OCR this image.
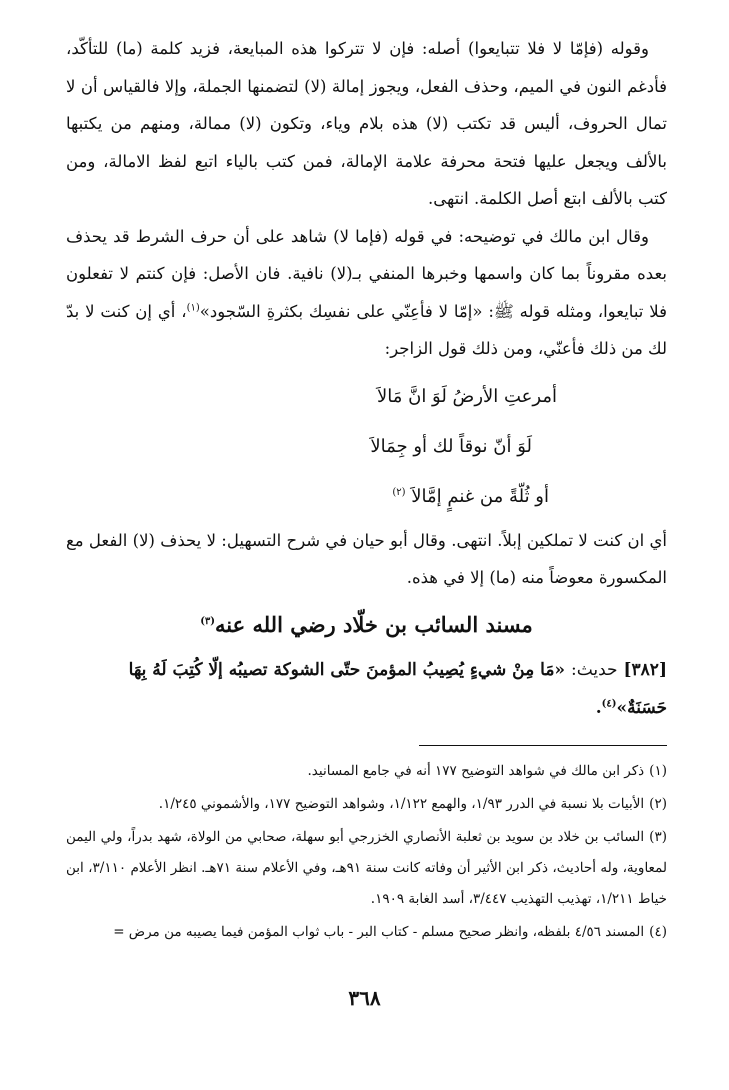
وقوله (فإمّا لا فلا تتبايعوا) أصله: فإن لا تتركوا هذه المبايعة، فزيد كلمة (ما) للتأكّد، فأدغم النون في الميم، وحذف الفعل، ويجوز إمالة (لا) لتضمنها الجملة، وإلا فالقياس أن لا تمال الحروف، أليس قد تكتب (لا) هذه بلام وياء، وتكون (لا) ممالة، ومنهم من يكتبها بالألف ويجعل عليها فتحة محرفة علامة الإمالة، فمن كتب بالياء اتبع لفظ الامالة، ومن كتب بالألف ابتع أصل الكلمة. انتهى.

وقال ابن مالك في توضيحه: في قوله (فإما لا) شاهد على أن حرف الشرط قد يحذف بعده مقروناً بما كان واسمها وخبرها المنفي بـ(لا) نافية. فان الأصل: فإن كنتم لا تفعلون فلا تبايعوا، ومثله قوله ﷺ: «إمّا لا فأعِنّي على نفسِك بكثرةِ السّجود»$^{(١)}$، أي إن كنت لا بدّ لك من ذلك فأعنّي، ومن ذلك قول الزاجر:

أمرعتِ الأرضُ لَوَ انَّ مَالاَ

لَوَ أنّ نوقاً لك أو جِمَالاَ

أو ثُلّةً من غنمٍ إمَّالاَ $^{(٢)}$

أي ان كنت لا تملكين إبلاً. انتهى. وقال أبو حيان في شرح التسهيل: لا يحذف (لا) الفعل مع المكسورة معوضاً منه (ما) إلا في هذه.

مسند السائب بن خلّاد رضي الله عنه$^{(٣)}$

[٣٨٢] حديث: «مَا مِنْ شيءٍ يُصِيبُ المؤمنَ حتّى الشوكة تصيبُه إلّا كُتِبَ لَهُ بِهَا حَسَنَةٌ»$^{(٤)}$.

(١)ذكر ابن مالك في شواهد التوضيح ١٧٧ أنه في جامع المسانيد.

(٢)الأبيات بلا نسبة في الدرر ١/٩٣، والهمع ١/١٢٢، وشواهد التوضيح ١٧٧، والأشموني ١/٢٤٥.

(٣)السائب بن خلاد بن سويد بن ثعلبة الأنصاري الخزرجي أبو سهلة، صحابي من الولاة، شهد بدراً، ولي اليمن لمعاوية، وله أحاديث، ذكر ابن الأثير أن وفاته كانت سنة ٩١هـ، وفي الأعلام سنة ٧١هـ. انظر الأعلام ٣/١١٠، ابن خياط ١/٢١١، تهذيب التهذيب ٣/٤٤٧، أسد الغابة ١٩٠٩.

(٤)المسند ٤/٥٦ بلفظه، وانظر صحيح مسلم - كتاب البر - باب ثواب المؤمن فيما يصيبه من مرض =

٣٦٨
